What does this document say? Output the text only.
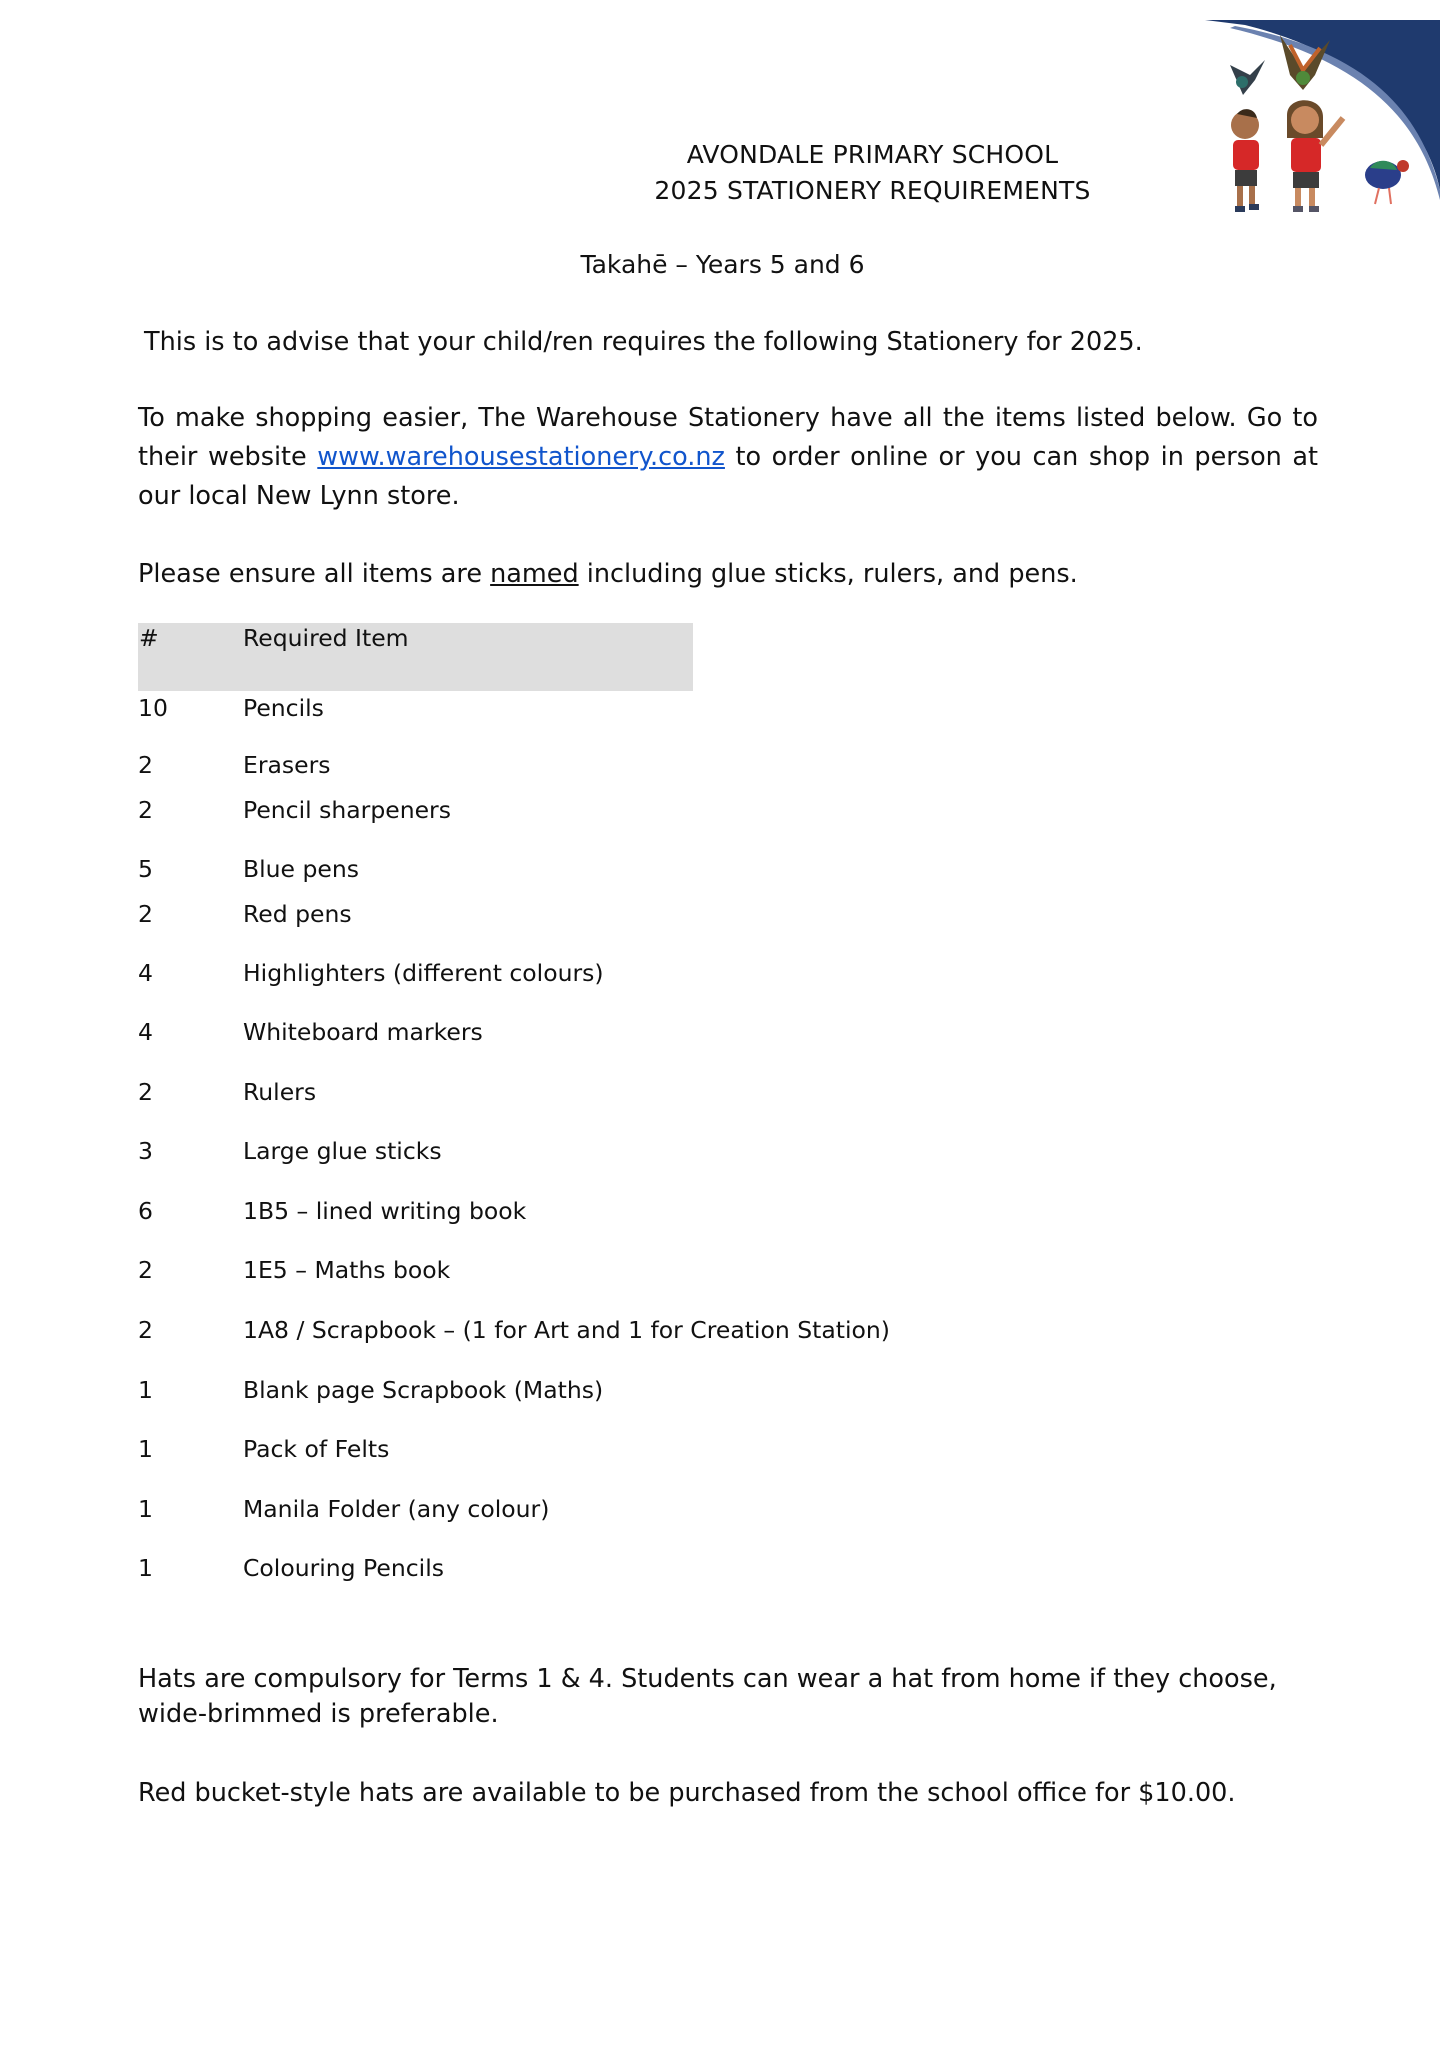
AVONDALE PRIMARY SCHOOL
2025 STATIONERY REQUIREMENTS
Takahē – Years 5 and 6
This is to advise that your child/ren requires the following Stationery for 2025.
To make shopping easier, The Warehouse Stationery have all the items listed below. Go to their website www.warehousestationery.co.nz to order online or you can shop in person at our local New Lynn store.
Please ensure all items are named including glue sticks, rulers, and pens.
#	Required Item
10	Pencils
2	Erasers
2	Pencil sharpeners
5	Blue pens
2	Red pens
4	Highlighters (different colours)
4	Whiteboard markers
2	Rulers
3	Large glue sticks
6	1B5 – lined writing book
2	1E5 – Maths book
2	1A8 / Scrapbook – (1 for Art and 1 for Creation Station)
1	Blank page Scrapbook (Maths)
1	Pack of Felts
1	Manila Folder (any colour)
1	Colouring Pencils
Hats are compulsory for Terms 1 & 4. Students can wear a hat from home if they choose, wide-brimmed is preferable.
Red bucket-style hats are available to be purchased from the school office for $10.00.
